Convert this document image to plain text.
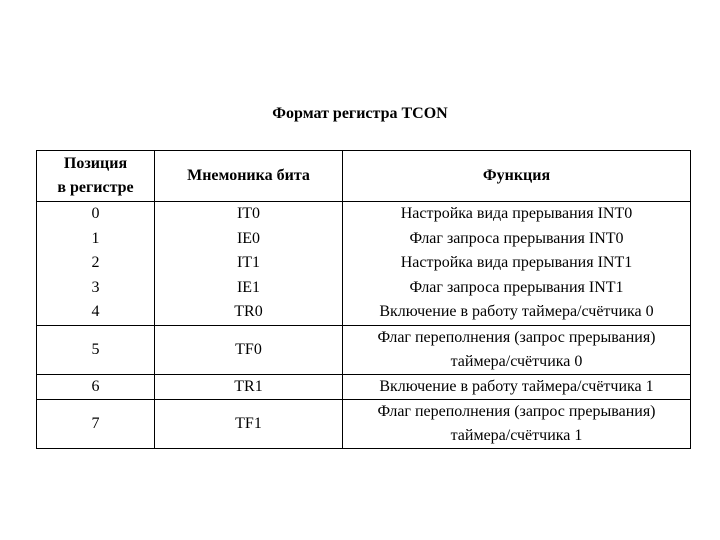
Формат регистра TCON
Позиция
в регистре	Мнемоника бита	Функция
0	IT0	Настройка вида прерывания INT0
1	IE0	Флаг запроса прерывания INT0
2	IT1	Настройка вида прерывания INT1
3	IE1	Флаг запроса прерывания INT1
4	TR0	Включение в работу таймера/счётчика 0
5	TF0	Флаг переполнения (запрос прерывания)
таймера/счётчика 0
6	TR1	Включение в работу таймера/счётчика 1
7	TF1	Флаг переполнения (запрос прерывания)
таймера/счётчика 1
